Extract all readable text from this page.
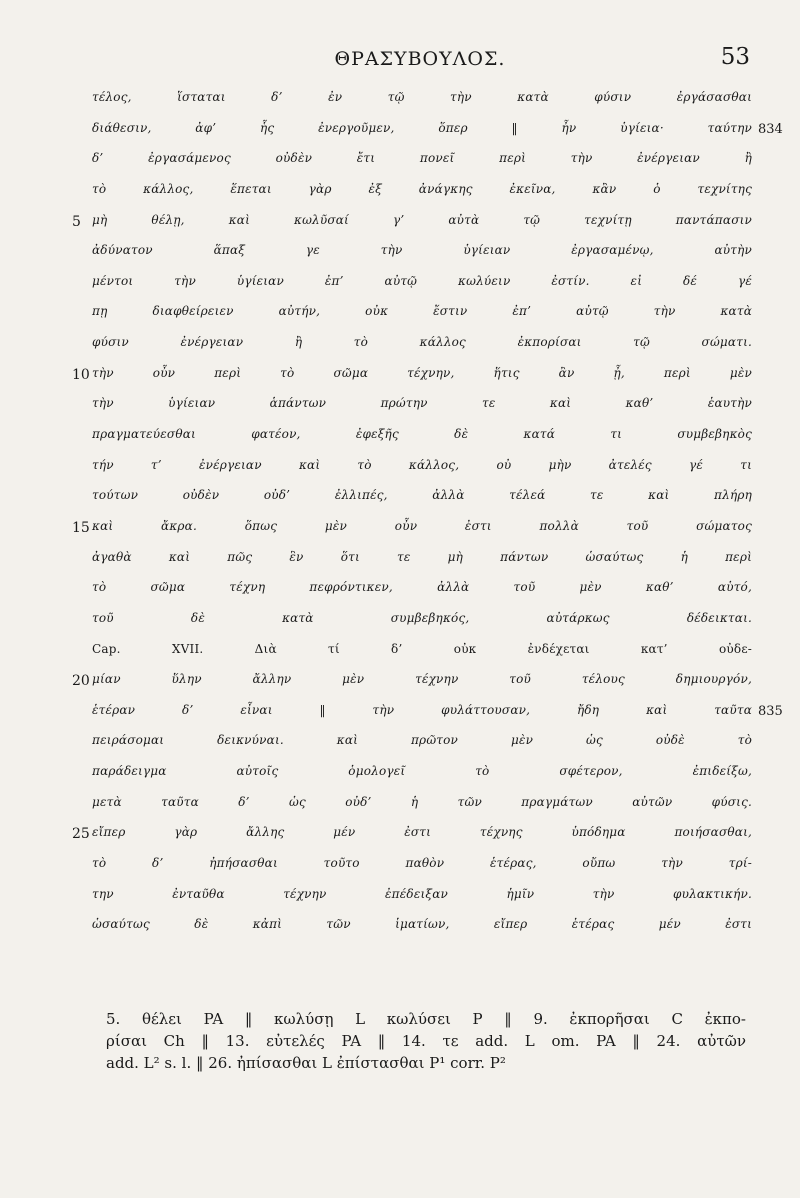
ΘΡΑΣΥΒΟΥΛΟΣ.	53
τέλος, ἵσταται δ’ ἐν τῷ τὴν κατὰ φύσιν ἐργάσασθαι
διάθεσιν, ἀφ’ ἧς ἐνεργοῦμεν, ὅπερ ‖ ἦν ὑγίεια· ταύτην 834
δ’ ἐργασάμενος οὐδὲν ἔτι πονεῖ περὶ τὴν ἐνέργειαν ἢ
τὸ κάλλος, ἕπεται γὰρ ἐξ ἀνάγκης ἐκεῖνα, κἂν ὁ τεχνίτης
5 μὴ θέλῃ, καὶ κωλῦσαί γ’ αὐτὰ τῷ τεχνίτῃ παντάπασιν
ἀδύνατον ἅπαξ γε τὴν ὑγίειαν ἐργασαμένῳ, αὐτὴν
μέντοι τὴν ὑγίειαν ἐπ’ αὐτῷ κωλύειν ἐστίν. εἰ δέ γέ
πῃ διαφθείρειεν αὐτήν, οὐκ ἔστιν ἐπ’ αὐτῷ τὴν κατὰ
φύσιν ἐνέργειαν ἢ τὸ κάλλος ἐκπορίσαι τῷ σώματι.
10 τὴν οὖν περὶ τὸ σῶμα τέχνην, ἥτις ἂν ᾖ, περὶ μὲν
τὴν ὑγίειαν ἁπάντων πρώτην τε καὶ καθ’ ἑαυτὴν
πραγματεύεσθαι φατέον, ἐφεξῆς δὲ κατά τι συμβεβηκὸς
τήν τ’ ἐνέργειαν καὶ τὸ κάλλος, οὐ μὴν ἀτελές γέ τι
τούτων οὐδὲν οὐδ’ ἐλλιπές, ἀλλὰ τέλεά τε καὶ πλήρη
15 καὶ ἄκρα. ὅπως μὲν οὖν ἐστι πολλὰ τοῦ σώματος
ἀγαθὰ καὶ πῶς ἓν ὅτι τε μὴ πάντων ὡσαύτως ἡ περὶ
τὸ σῶμα τέχνη πεφρόντικεν, ἀλλὰ τοῦ μὲν καθ’ αὑτό,
τοῦ δὲ κατὰ συμβεβηκός, αὐτάρκως δέδεικται.
Cap. XVII. Διὰ τί δ’ οὐκ ἐνδέχεται κατ’ οὐδε-
20 μίαν ὕλην ἄλλην μὲν τέχνην τοῦ τέλους δημιουργόν,
ἑτέραν δ’ εἶναι ‖ τὴν φυλάττουσαν, ἤδη καὶ ταῦτα 835
πειράσομαι δεικνύναι. καὶ πρῶτον μὲν ὡς οὐδὲ τὸ
παράδειγμα αὐτοῖς ὁμολογεῖ τὸ σφέτερον, ἐπιδείξω,
μετὰ ταῦτα δ’ ὡς οὐδ’ ἡ τῶν πραγμάτων αὐτῶν φύσις.
25 εἴπερ γὰρ ἄλλης μέν ἐστι τέχνης ὑπόδημα ποιήσασθαι,
τὸ δ’ ἠπήσασθαι τοῦτο παθὸν ἑτέρας, οὔπω τὴν τρί-
την ἐνταῦθα τέχνην ἐπέδειξαν ἡμῖν τὴν φυλακτικήν.
ὡσαύτως δὲ κἀπὶ τῶν ἱματίων, εἴπερ ἑτέρας μέν ἐστι
5. θέλει PA ‖ κωλύσῃ L κωλύσει P ‖ 9. ἐκπορῆσαι C ἐκπο-
ρίσαι Ch ‖ 13. εὐτελές PA ‖ 14. τε add. L om. PA ‖ 24. αὐτῶν
add. L² s. l. ‖ 26. ἠπίσασθαι L ἐπίστασθαι P¹ corr. P²
